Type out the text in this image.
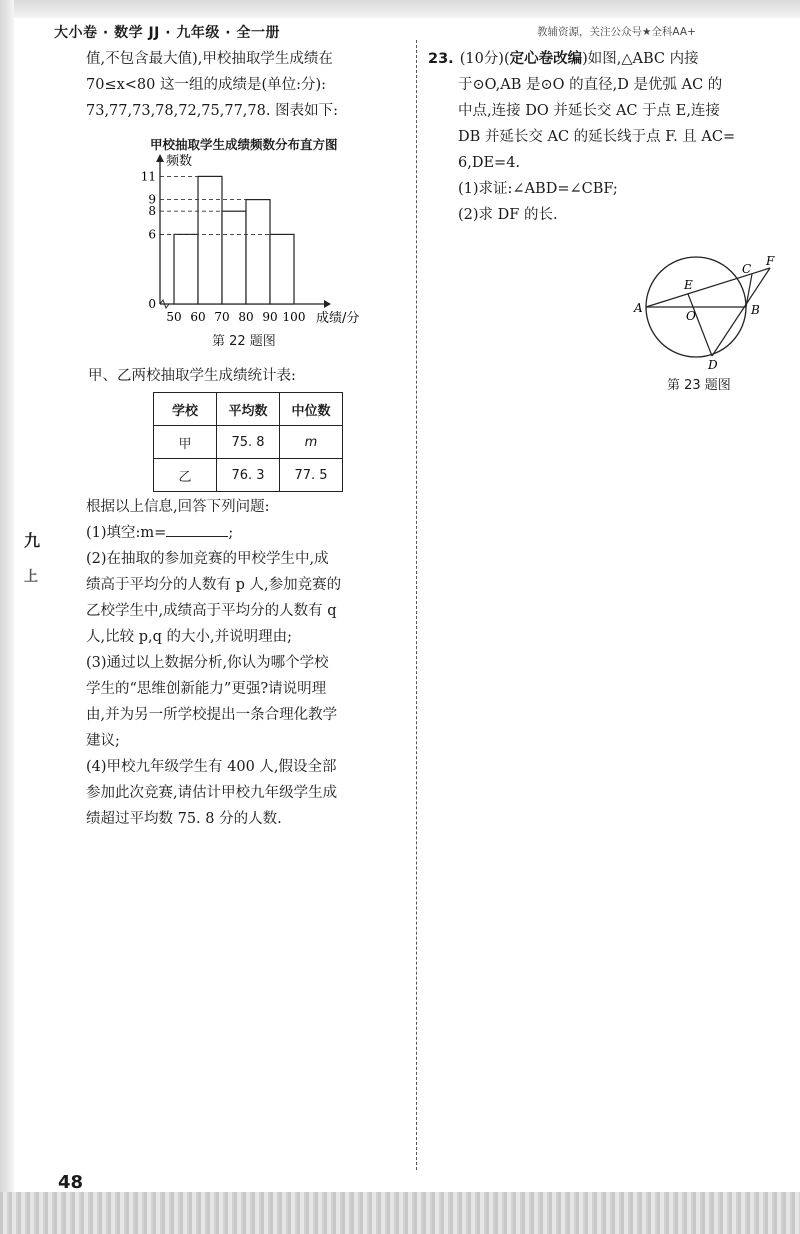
大小卷 · 数学 JJ · 九年级 · 全一册	教辅资源，关注公众号★全科AA+
值,不包含最大值),甲校抽取学生成绩在
70≤x<80 这一组的成绩是(单位:分):
73,77,73,78,72,75,77,78. 图表如下:
甲校抽取学生成绩频数分布直方图
0
6
8
9
11
50 60 70 80 90 100
频数
成绩/分
第 22 题图
甲、乙两校抽取学生成绩统计表:
学校	平均数	中位数
甲	75. 8	m
乙	76. 3	77. 5
根据以上信息,回答下列问题:
(1)填空:m=	;
(2)在抽取的参加竞赛的甲校学生中,成
绩高于平均分的人数有 p 人,参加竞赛的
乙校学生中,成绩高于平均分的人数有 q
人,比较 p,q 的大小,并说明理由;
(3)通过以上数据分析,你认为哪个学校
学生的“思维创新能力”更强?请说明理
由,并为另一所学校提出一条合理化教学
建议;
(4)甲校九年级学生有 400 人,假设全部
参加此次竞赛,请估计甲校九年级学生成
绩超过平均数 75. 8 分的人数.
23. (10分)(定心卷改编)如图,△ABC 内接
于⊙O,AB 是⊙O 的直径,D 是优弧 AC 的
中点,连接 DO 并延长交 AC 于点 E,连接
DB 并延长交 AC 的延长线于点 F. 且 AC=
6,DE=4.
(1)求证:∠ABD=∠CBF;
(2)求 DF 的长.
A	B
C
D
E
F
O
第 23 题图
九
上
48
